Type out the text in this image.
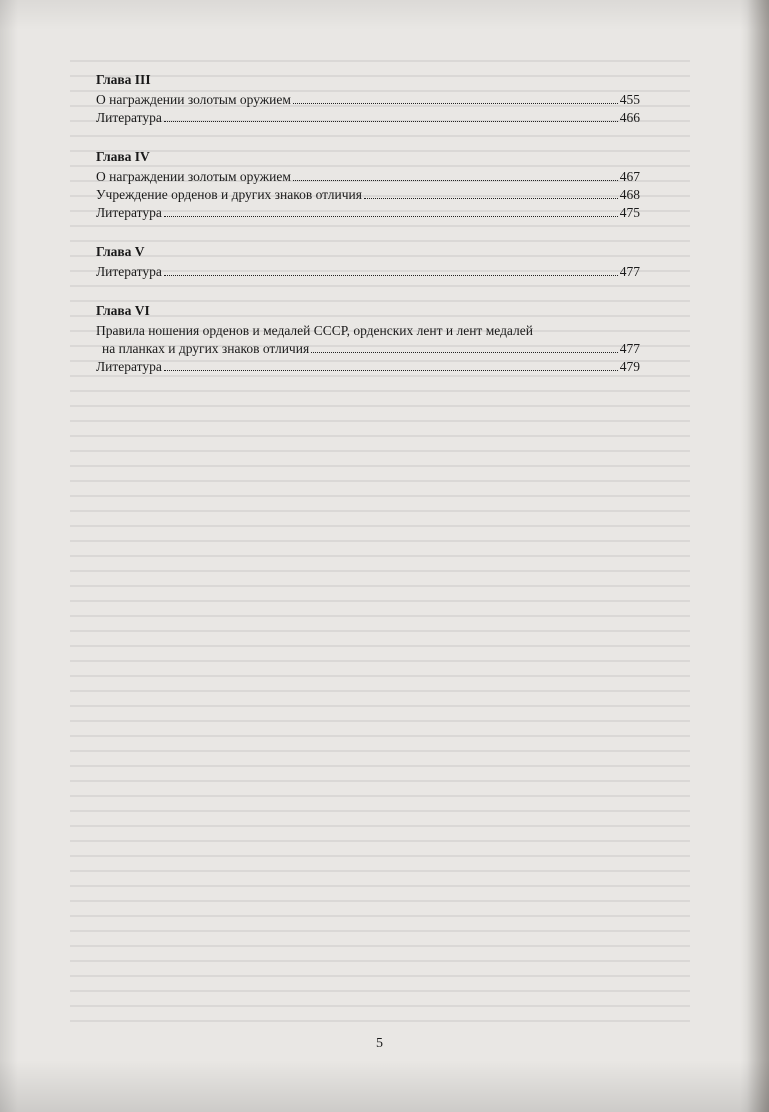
Глава III
О награждении золотым оружием	455
Литература	466
Глава IV
О награждении золотым оружием	467
Учреждение орденов и других знаков отличия	468
Литература	475
Глава V
Литература	477
Глава VI
Правила ношения орденов и медалей СССР, орденских лент и лент медалей
на планках и других знаков отличия	477
Литература	479
5
